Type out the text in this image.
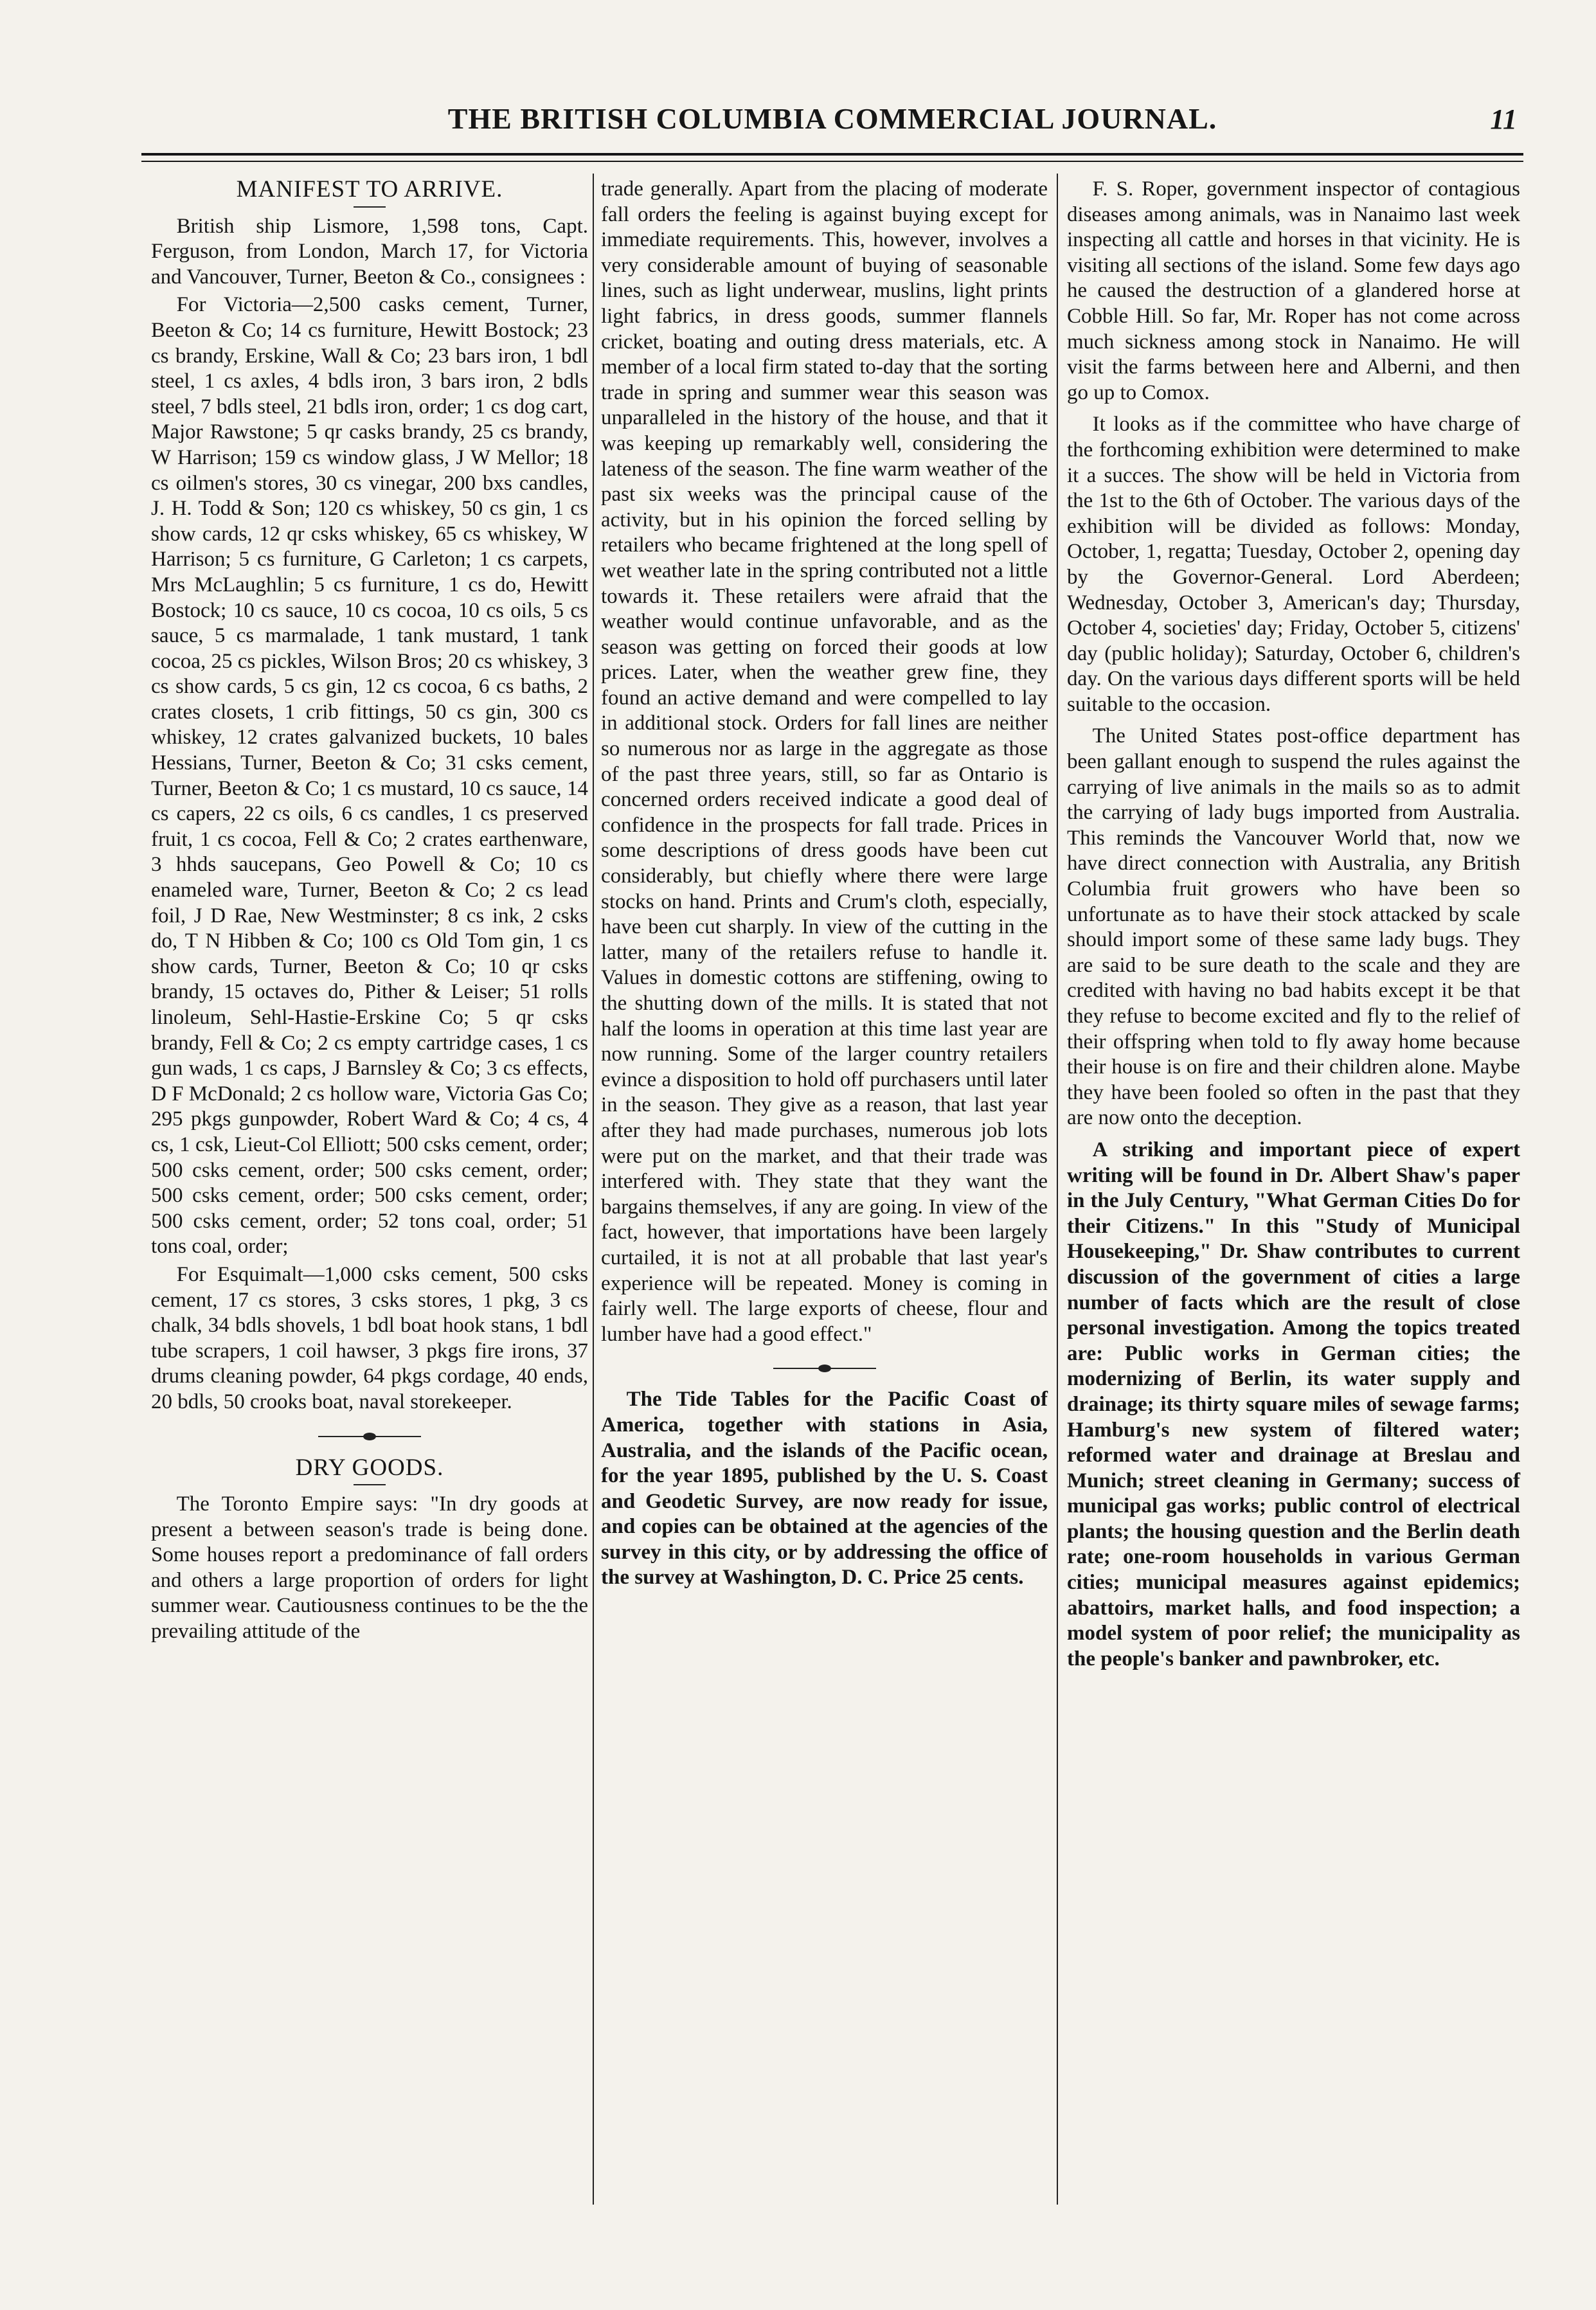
THE BRITISH COLUMBIA COMMERCIAL JOURNAL.	11
MANIFEST TO ARRIVE.

British ship Lismore, 1,598 tons, Capt. Ferguson, from London, March 17, for Victoria and Vancouver, Turner, Beeton & Co., consignees :

For Victoria—2,500 casks cement, Turner, Beeton & Co; 14 cs furniture, Hewitt Bostock; 23 cs brandy, Erskine, Wall & Co; 23 bars iron, 1 bdl steel, 1 cs axles, 4 bdls iron, 3 bars iron, 2 bdls steel, 7 bdls steel, 21 bdls iron, order; 1 cs dog cart, Major Rawstone; 5 qr casks brandy, 25 cs brandy, W Harrison; 159 cs window glass, J W Mellor; 18 cs oilmen's stores, 30 cs vinegar, 200 bxs candles, J. H. Todd & Son; 120 cs whiskey, 50 cs gin, 1 cs show cards, 12 qr csks whiskey, 65 cs whiskey, W Harrison; 5 cs furniture, G Carleton; 1 cs carpets, Mrs McLaughlin; 5 cs furniture, 1 cs do, Hewitt Bostock; 10 cs sauce, 10 cs cocoa, 10 cs oils, 5 cs sauce, 5 cs marmalade, 1 tank mustard, 1 tank cocoa, 25 cs pickles, Wilson Bros; 20 cs whiskey, 3 cs show cards, 5 cs gin, 12 cs cocoa, 6 cs baths, 2 crates closets, 1 crib fittings, 50 cs gin, 300 cs whiskey, 12 crates galvanized buckets, 10 bales Hessians, Turner, Beeton & Co; 31 csks cement, Turner, Beeton & Co; 1 cs mustard, 10 cs sauce, 14 cs capers, 22 cs oils, 6 cs candles, 1 cs preserved fruit, 1 cs cocoa, Fell & Co; 2 crates earthenware, 3 hhds saucepans, Geo Powell & Co; 10 cs enameled ware, Turner, Beeton & Co; 2 cs lead foil, J D Rae, New Westminster; 8 cs ink, 2 csks do, T N Hibben & Co; 100 cs Old Tom gin, 1 cs show cards, Turner, Beeton & Co; 10 qr csks brandy, 15 octaves do, Pither & Leiser; 51 rolls linoleum, Sehl-Hastie-Erskine Co; 5 qr csks brandy, Fell & Co; 2 cs empty cartridge cases, 1 cs gun wads, 1 cs caps, J Barnsley & Co; 3 cs effects, D F McDonald; 2 cs hollow ware, Victoria Gas Co; 295 pkgs gunpowder, Robert Ward & Co; 4 cs, 4 cs, 1 csk, Lieut-Col Elliott; 500 csks cement, order; 500 csks cement, order; 500 csks cement, order; 500 csks cement, order; 500 csks cement, order; 500 csks cement, order; 52 tons coal, order; 51 tons coal, order;

For Esquimalt—1,000 csks cement, 500 csks cement, 17 cs stores, 3 csks stores, 1 pkg, 3 cs chalk, 34 bdls shovels, 1 bdl boat hook stans, 1 bdl tube scrapers, 1 coil hawser, 3 pkgs fire irons, 37 drums cleaning powder, 64 pkgs cordage, 40 ends, 20 bdls, 50 crooks boat, naval storekeeper.

DRY GOODS.

The Toronto Empire says: "In dry goods at present a between season's trade is being done. Some houses report a predominance of fall orders and others a large proportion of orders for light summer wear. Cautiousness continues to be the the prevailing attitude of the

trade generally. Apart from the placing of moderate fall orders the feeling is against buying except for immediate requirements. This, however, involves a very considerable amount of buying of seasonable lines, such as light underwear, muslins, light prints light fabrics, in dress goods, summer flannels cricket, boating and outing dress materials, etc. A member of a local firm stated to-day that the sorting trade in spring and summer wear this season was unparalleled in the history of the house, and that it was keeping up remarkably well, considering the lateness of the season. The fine warm weather of the past six weeks was the principal cause of the activity, but in his opinion the forced selling by retailers who became frightened at the long spell of wet weather late in the spring contributed not a little towards it. These retailers were afraid that the weather would continue unfavorable, and as the season was getting on forced their goods at low prices. Later, when the weather grew fine, they found an active demand and were compelled to lay in additional stock. Orders for fall lines are neither so numerous nor as large in the aggregate as those of the past three years, still, so far as Ontario is concerned orders received indicate a good deal of confidence in the prospects for fall trade. Prices in some descriptions of dress goods have been cut considerably, but chiefly where there were large stocks on hand. Prints and Crum's cloth, especially, have been cut sharply. In view of the cutting in the latter, many of the retailers refuse to handle it. Values in domestic cottons are stiffening, owing to the shutting down of the mills. It is stated that not half the looms in operation at this time last year are now running. Some of the larger country retailers evince a disposition to hold off purchasers until later in the season. They give as a reason, that last year after they had made purchases, numerous job lots were put on the market, and that their trade was interfered with. They state that they want the bargains themselves, if any are going. In view of the fact, however, that importations have been largely curtailed, it is not at all probable that last year's experience will be repeated. Money is coming in fairly well. The large exports of cheese, flour and lumber have had a good effect."

The Tide Tables for the Pacific Coast of America, together with stations in Asia, Australia, and the islands of the Pacific ocean, for the year 1895, published by the U. S. Coast and Geodetic Survey, are now ready for issue, and copies can be obtained at the agencies of the survey in this city, or by addressing the office of the survey at Washington, D. C. Price 25 cents.

F. S. Roper, government inspector of contagious diseases among animals, was in Nanaimo last week inspecting all cattle and horses in that vicinity. He is visiting all sections of the island. Some few days ago he caused the destruction of a glandered horse at Cobble Hill. So far, Mr. Roper has not come across much sickness among stock in Nanaimo. He will visit the farms between here and Alberni, and then go up to Comox.

It looks as if the committee who have charge of the forthcoming exhibition were determined to make it a succes. The show will be held in Victoria from the 1st to the 6th of October. The various days of the exhibition will be divided as follows: Monday, October, 1, regatta; Tuesday, October 2, opening day by the Governor-General. Lord Aberdeen; Wednesday, October 3, American's day; Thursday, October 4, societies' day; Friday, October 5, citizens' day (public holiday); Saturday, October 6, children's day. On the various days different sports will be held suitable to the occasion.

The United States post-office department has been gallant enough to suspend the rules against the carrying of live animals in the mails so as to admit the carrying of lady bugs imported from Australia. This reminds the Vancouver World that, now we have direct connection with Australia, any British Columbia fruit growers who have been so unfortunate as to have their stock attacked by scale should import some of these same lady bugs. They are said to be sure death to the scale and they are credited with having no bad habits except it be that they refuse to become excited and fly to the relief of their offspring when told to fly away home because their house is on fire and their children alone. Maybe they have been fooled so often in the past that they are now onto the deception.

A striking and important piece of expert writing will be found in Dr. Albert Shaw's paper in the July Century, "What German Cities Do for their Citizens." In this "Study of Municipal Housekeeping," Dr. Shaw contributes to current discussion of the government of cities a large number of facts which are the result of close personal investigation. Among the topics treated are: Public works in German cities; the modernizing of Berlin, its water supply and drainage; its thirty square miles of sewage farms; Hamburg's new system of filtered water; reformed water and drainage at Breslau and Munich; street cleaning in Germany; success of municipal gas works; public control of electrical plants; the housing question and the Berlin death rate; one-room households in various German cities; municipal measures against epidemics; abattoirs, market halls, and food inspection; a model system of poor relief; the municipality as the people's banker and pawnbroker, etc.
